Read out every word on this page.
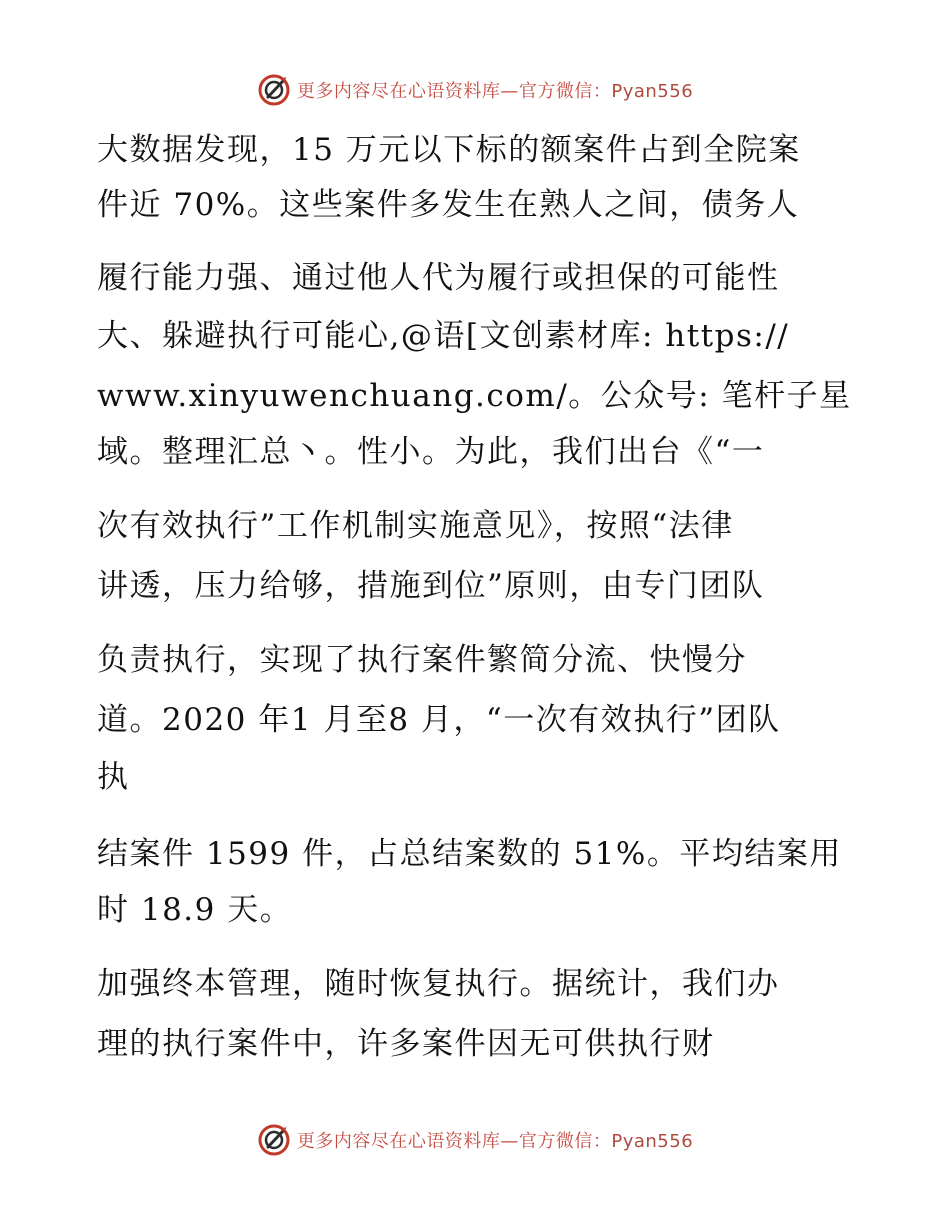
更多内容尽在心语资料库—官方微信：Pyan556
大数据发现，15 万元以下标的额案件占到全院案
件近 70%。这些案件多发生在熟人之间，债务人
履行能力强、通过他人代为履行或担保的可能性
大、躲避执行可能心,@语[文创素材库: https://
www.xinyuwenchuang.com/。公众号: 笔杆子星
域。整理汇总丶。性小。为此，我们出台《“一
次有效执行”工作机制实施意见》，按照“法律
讲透，压力给够，措施到位”原则，由专门团队
负责执行，实现了执行案件繁简分流、快慢分
道。2020 年1 月至8 月，“一次有效执行”团队
执
结案件 1599 件，占总结案数的 51%。平均结案用
时 18.9 天。
加强终本管理，随时恢复执行。据统计，我们办
理的执行案件中，许多案件因无可供执行财
更多内容尽在心语资料库—官方微信：Pyan556
